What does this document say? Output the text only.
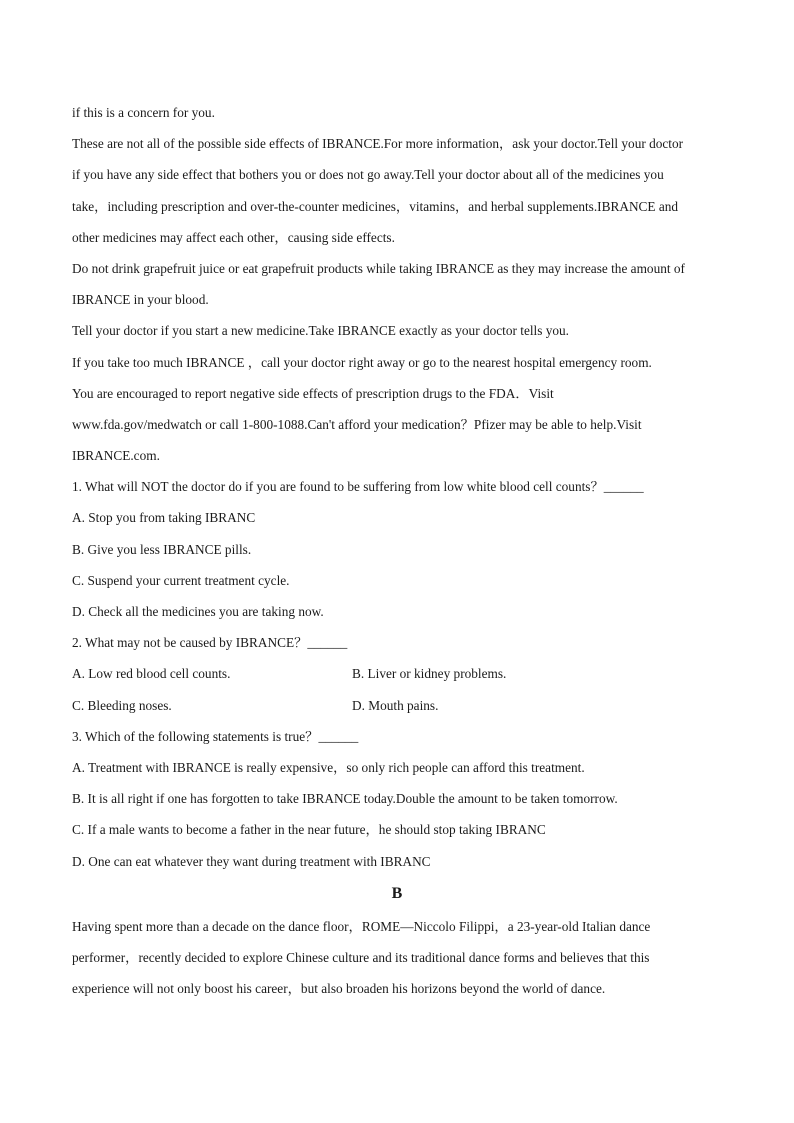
if this is a concern for you.
These are not all of the possible side effects of IBRANCE.For more information，ask your doctor.Tell your doctor
if you have any side effect that bothers you or does not go away.Tell your doctor about all of the medicines you
take，including prescription and over-the-counter medicines，vitamins，and herbal supplements.IBRANCE and
other medicines may affect each other，causing side effects.
Do not drink grapefruit juice or eat grapefruit products while taking IBRANCE as they may increase the amount of
IBRANCE in your blood.
Tell your doctor if you start a new medicine.Take IBRANCE exactly as your doctor tells you.
If you take too much IBRANCE ，call your doctor right away or go to the nearest hospital emergency room.
You are encouraged to report negative side effects of prescription drugs to the FDA．Visit
www.fda.gov/medwatch or call 1-800-1088.Can't afford your medication？Pfizer may be able to help.Visit
IBRANCE.com.
1. What will NOT the doctor do if you are found to be suffering from low white blood cell counts？______
A. Stop you from taking IBRANC
B. Give you less IBRANCE pills.
C. Suspend your current treatment cycle.
D. Check all the medicines you are taking now.
2. What may not be caused by IBRANCE？______
A. Low red blood cell counts.	B. Liver or kidney problems.
C. Bleeding noses.	D. Mouth pains.
3. Which of the following statements is true？______
A. Treatment with IBRANCE is really expensive，so only rich people can afford this treatment.
B. It is all right if one has forgotten to take IBRANCE today.Double the amount to be taken tomorrow.
C. If a male wants to become a father in the near future，he should stop taking IBRANC
D. One can eat whatever they want during treatment with IBRANC
B
Having spent more than a decade on the dance floor，ROME—Niccolo Filippi，a 23-year-old Italian dance
performer，recently decided to explore Chinese culture and its traditional dance forms and believes that this
experience will not only boost his career，but also broaden his horizons beyond the world of dance.
